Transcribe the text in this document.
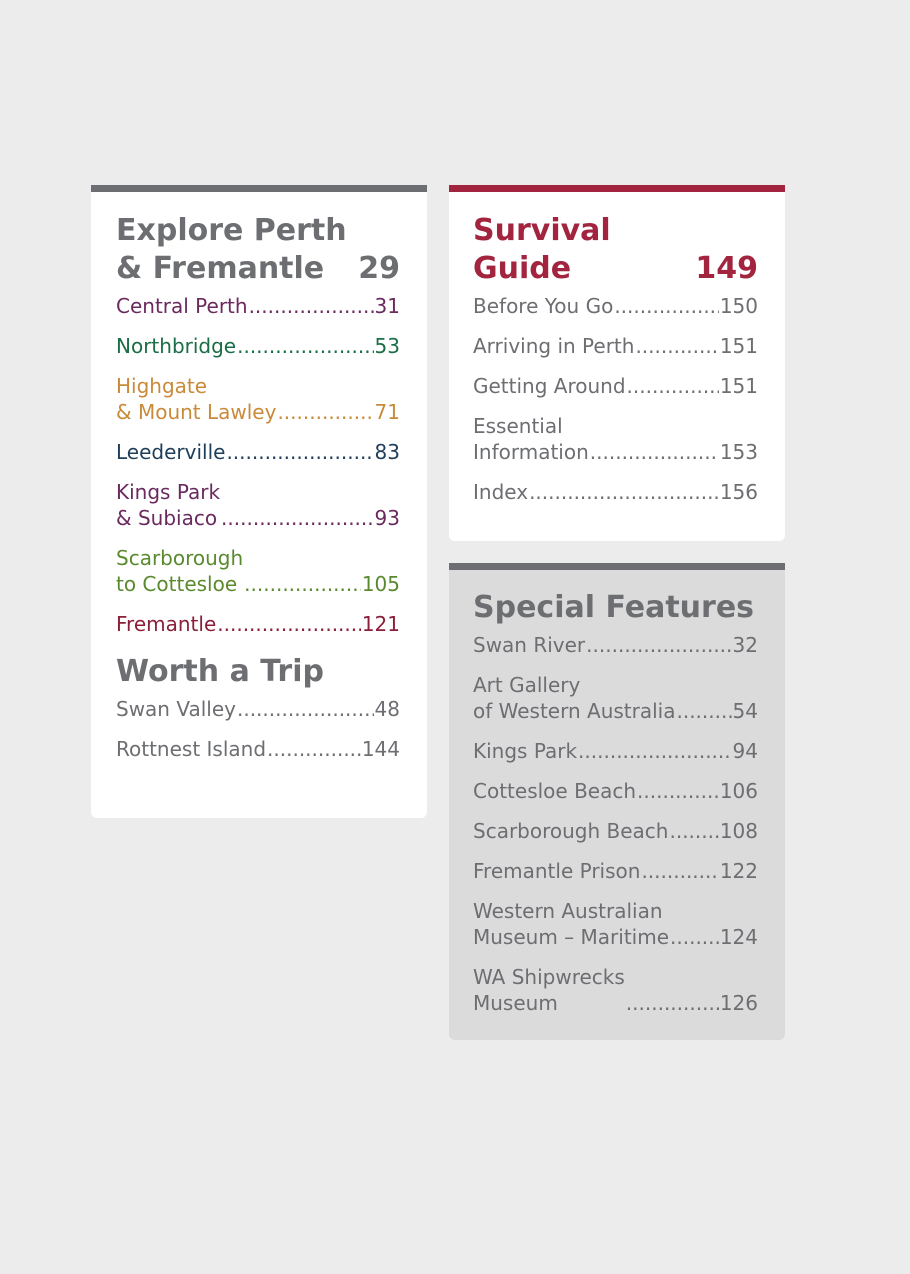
Explore Perth
& Fremantle 29
Central Perth .....	31
Northbridge .....	53
Highgate
& Mount Lawley .....	71
Leederville .....	83
Kings Park
& Subiaco .....	93
Scarborough
to Cottesloe .....	105
Fremantle .....	121
Worth a Trip
Swan Valley .....	48
Rottnest Island .....	144
Survival
Guide	149
Before You Go .....	150
Arriving in Perth .....	151
Getting Around .....	151
Essential
Information .....	153
Index .....	156
Special Features
Swan River .....	32
Art Gallery
of Western Australia .....	54
Kings Park .....	94
Cottesloe Beach .....	106
Scarborough Beach .....	108
Fremantle Prison .....	122
Western Australian
Museum – Maritime .....	124
WA Shipwrecks
Museum .....	126
